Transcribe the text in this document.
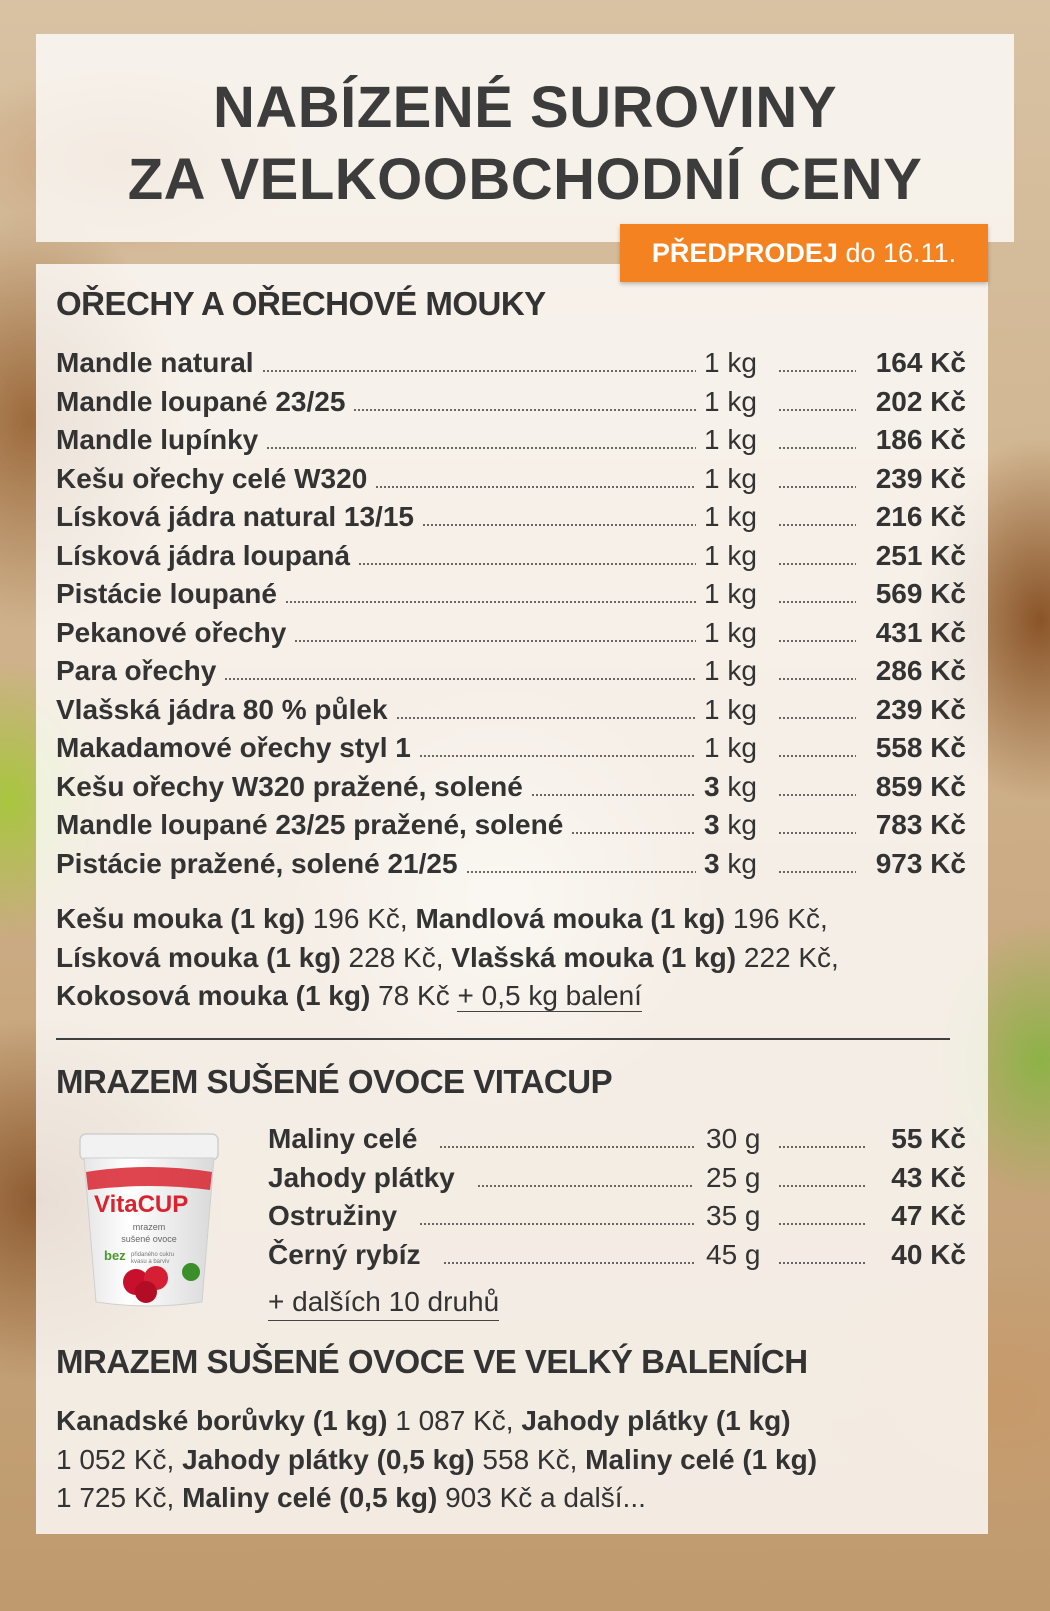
NABÍZENÉ SUROVINY
ZA VELKOOBCHODNÍ CENY
PŘEDPRODEJ do 16.11.
OŘECHY A OŘECHOVÉ MOUKY
Mandle natural	1 kg	164 Kč
Mandle loupané 23/25	1 kg	202 Kč
Mandle lupínky	1 kg	186 Kč
Kešu ořechy celé W320	1 kg	239 Kč
Lísková jádra natural 13/15	1 kg	216 Kč
Lísková jádra loupaná	1 kg	251 Kč
Pistácie loupané	1 kg	569 Kč
Pekanové ořechy	1 kg	431 Kč
Para ořechy	1 kg	286 Kč
Vlašská jádra 80 % půlek	1 kg	239 Kč
Makadamové ořechy styl 1	1 kg	558 Kč
Kešu ořechy W320 pražené, solené	3 kg	859 Kč
Mandle loupané 23/25 pražené, solené	3 kg	783 Kč
Pistácie pražené, solené 21/25	3 kg	973 Kč
Kešu mouka (1 kg) 196 Kč, Mandlová mouka (1 kg) 196 Kč,
Lísková mouka (1 kg) 228 Kč, Vlašská mouka (1 kg) 222 Kč,
Kokosová mouka (1 kg) 78 Kč + 0,5 kg balení
MRAZEM SUŠENÉ OVOCE VITACUP
VitaCUP
mrazem
sušené ovoce
bez přidaného cukru
kvasu a barviv
Maliny celé	30 g	55 Kč
Jahody plátky	25 g	43 Kč
Ostružiny	35 g	47 Kč
Černý rybíz	45 g	40 Kč
+ dalších 10 druhů
MRAZEM SUŠENÉ OVOCE VE VELKÝ BALENÍCH
Kanadské borůvky (1 kg) 1 087 Kč, Jahody plátky (1 kg)
1 052 Kč, Jahody plátky (0,5 kg) 558 Kč, Maliny celé (1 kg)
1 725 Kč, Maliny celé (0,5 kg) 903 Kč a další...
